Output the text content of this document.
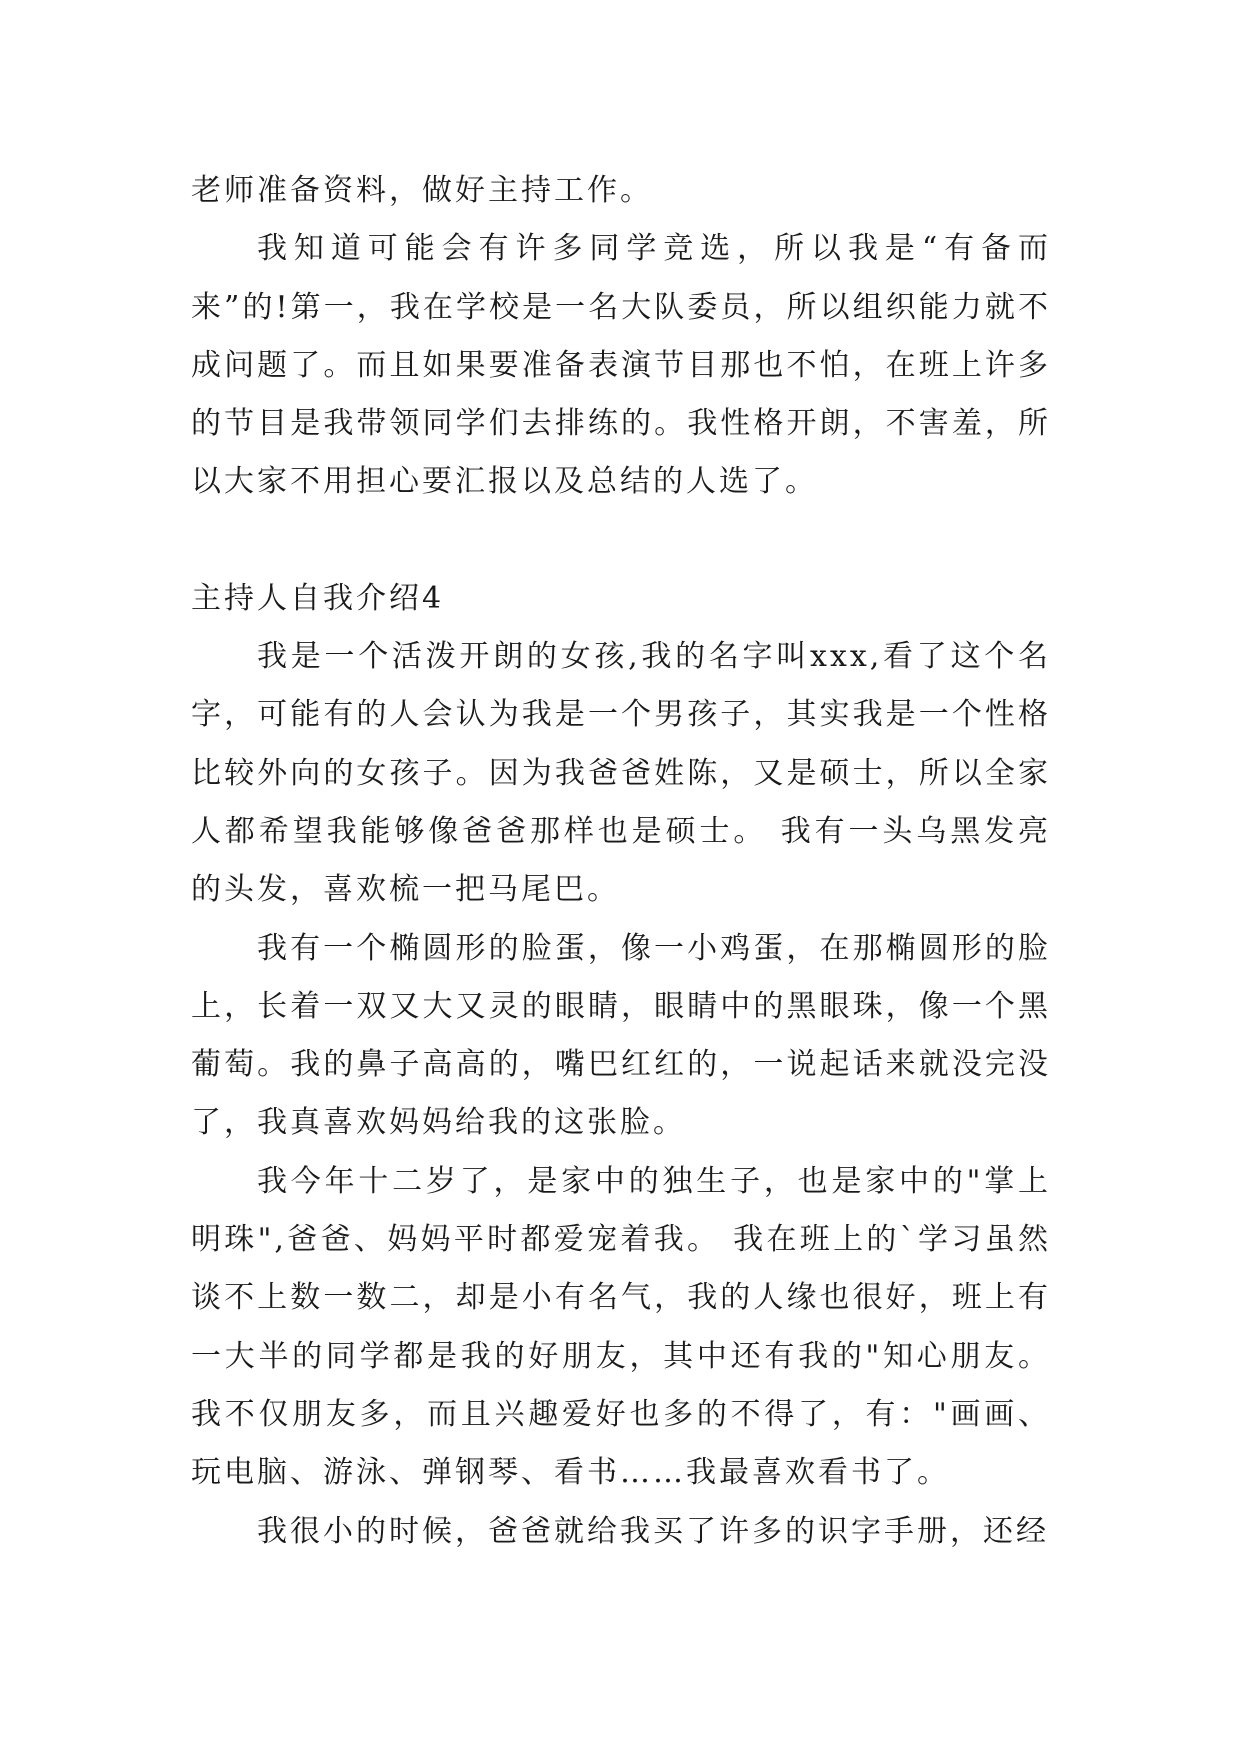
老师准备资料，做好主持工作。

我知道可能会有许多同学竞选，所以我是“有备而来”的!第一，我在学校是一名大队委员，所以组织能力就不成问题了。而且如果要准备表演节目那也不怕，在班上许多的节目是我带领同学们去排练的。我性格开朗，不害羞，所以大家不用担心要汇报以及总结的人选了。

主持人自我介绍4

我是一个活泼开朗的女孩,我的名字叫xxx,看了这个名字，可能有的人会认为我是一个男孩子，其实我是一个性格比较外向的女孩子。因为我爸爸姓陈，又是硕士，所以全家人都希望我能够像爸爸那样也是硕士。 我有一头乌黑发亮的头发，喜欢梳一把马尾巴。

我有一个椭圆形的脸蛋，像一小鸡蛋，在那椭圆形的脸上，长着一双又大又灵的眼睛，眼睛中的黑眼珠，像一个黑葡萄。我的鼻子高高的，嘴巴红红的，一说起话来就没完没了，我真喜欢妈妈给我的这张脸。

我今年十二岁了，是家中的独生子，也是家中的"掌上明珠",爸爸、妈妈平时都爱宠着我。 我在班上的`学习虽然谈不上数一数二，却是小有名气，我的人缘也很好，班上有一大半的同学都是我的好朋友，其中还有我的"知心朋友。我不仅朋友多，而且兴趣爱好也多的不得了，有："画画、玩电脑、游泳、弹钢琴、看书……我最喜欢看书了。

我很小的时候，爸爸就给我买了许多的识字手册，还经
